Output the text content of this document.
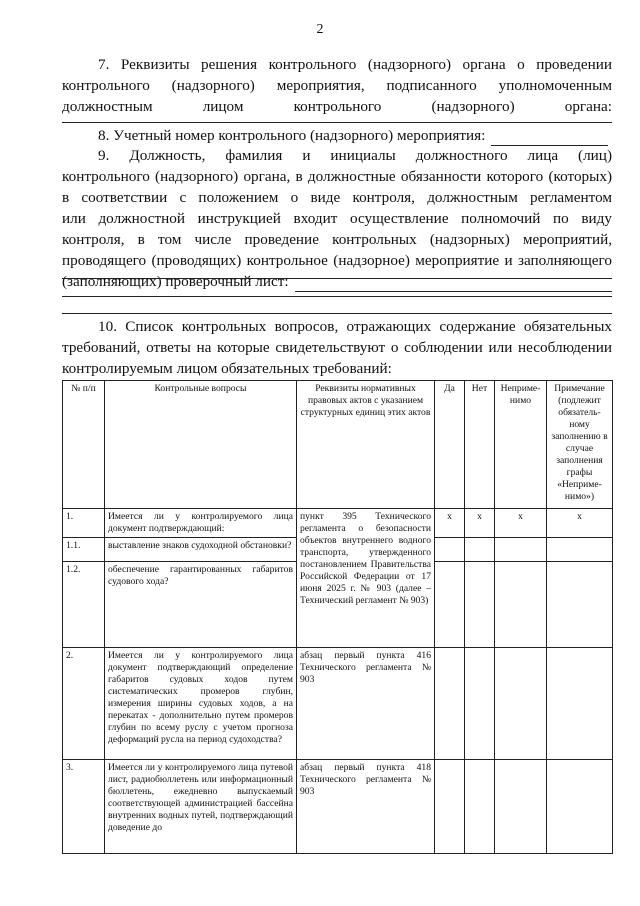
2
7. Реквизиты решения контрольного (надзорного) органа о проведении
контрольного (надзорного) мероприятия, подписанного уполномоченным
должностным лицом контрольного (надзорного) органа:
8. Учетный номер контрольного (надзорного) мероприятия:
9. Должность, фамилия и инициалы должностного лица (лиц)
контрольного (надзорного) органа, в должностные обязанности которого (которых)
в соответствии с положением о виде контроля, должностным регламентом
или должностной инструкцией входит осуществление полномочий по виду
контроля, в том числе проведение контрольных (надзорных) мероприятий,
проводящего (проводящих) контрольное (надзорное) мероприятие и заполняющего
(заполняющих) проверочный лист:
10. Список контрольных вопросов, отражающих содержание обязательных
требований, ответы на которые свидетельствуют о соблюдении или несоблюдении
контролируемым лицом обязательных требований:
№ п/п	Контрольные вопросы	Реквизиты нормативных правовых актов с указанием структурных единиц этих актов	Да	Нет	Неприме-нимо	Примечание (подлежит обязатель-ному заполнению в случае заполнения графы «Неприме-нимо»)
1.	Имеется ли у контролируемого лица документ подтверждающий:	пункт 395 Технического регламента о безопасности объектов внутреннего водного транспорта, утвержденного постановлением Правительства Российской Федерации от 17 июня 2025 г. № 903 (далее – Технический регламент № 903)	x	x	x	x
1.1.	выставление знаков судоходной обстановки?					
1.2.	обеспечение гарантированных габаритов судового хода?					
2.	Имеется ли у контролируемого лица документ подтверждающий определение габаритов судовых ходов путем систематических промеров глубин, измерения ширины судовых ходов, а на перекатах - дополнительно путем промеров глубин по всему руслу с учетом прогноза деформаций русла на период судоходства?	абзац первый пункта 416 Технического регламента № 903				
3.	Имеется ли у контролируемого лица путевой лист, радиобюллетень или информационный бюллетень, ежедневно выпускаемый соответствующей администрацией бассейна внутренних водных путей, подтверждающий доведение до	абзац первый пункта 418 Технического регламента № 903				
